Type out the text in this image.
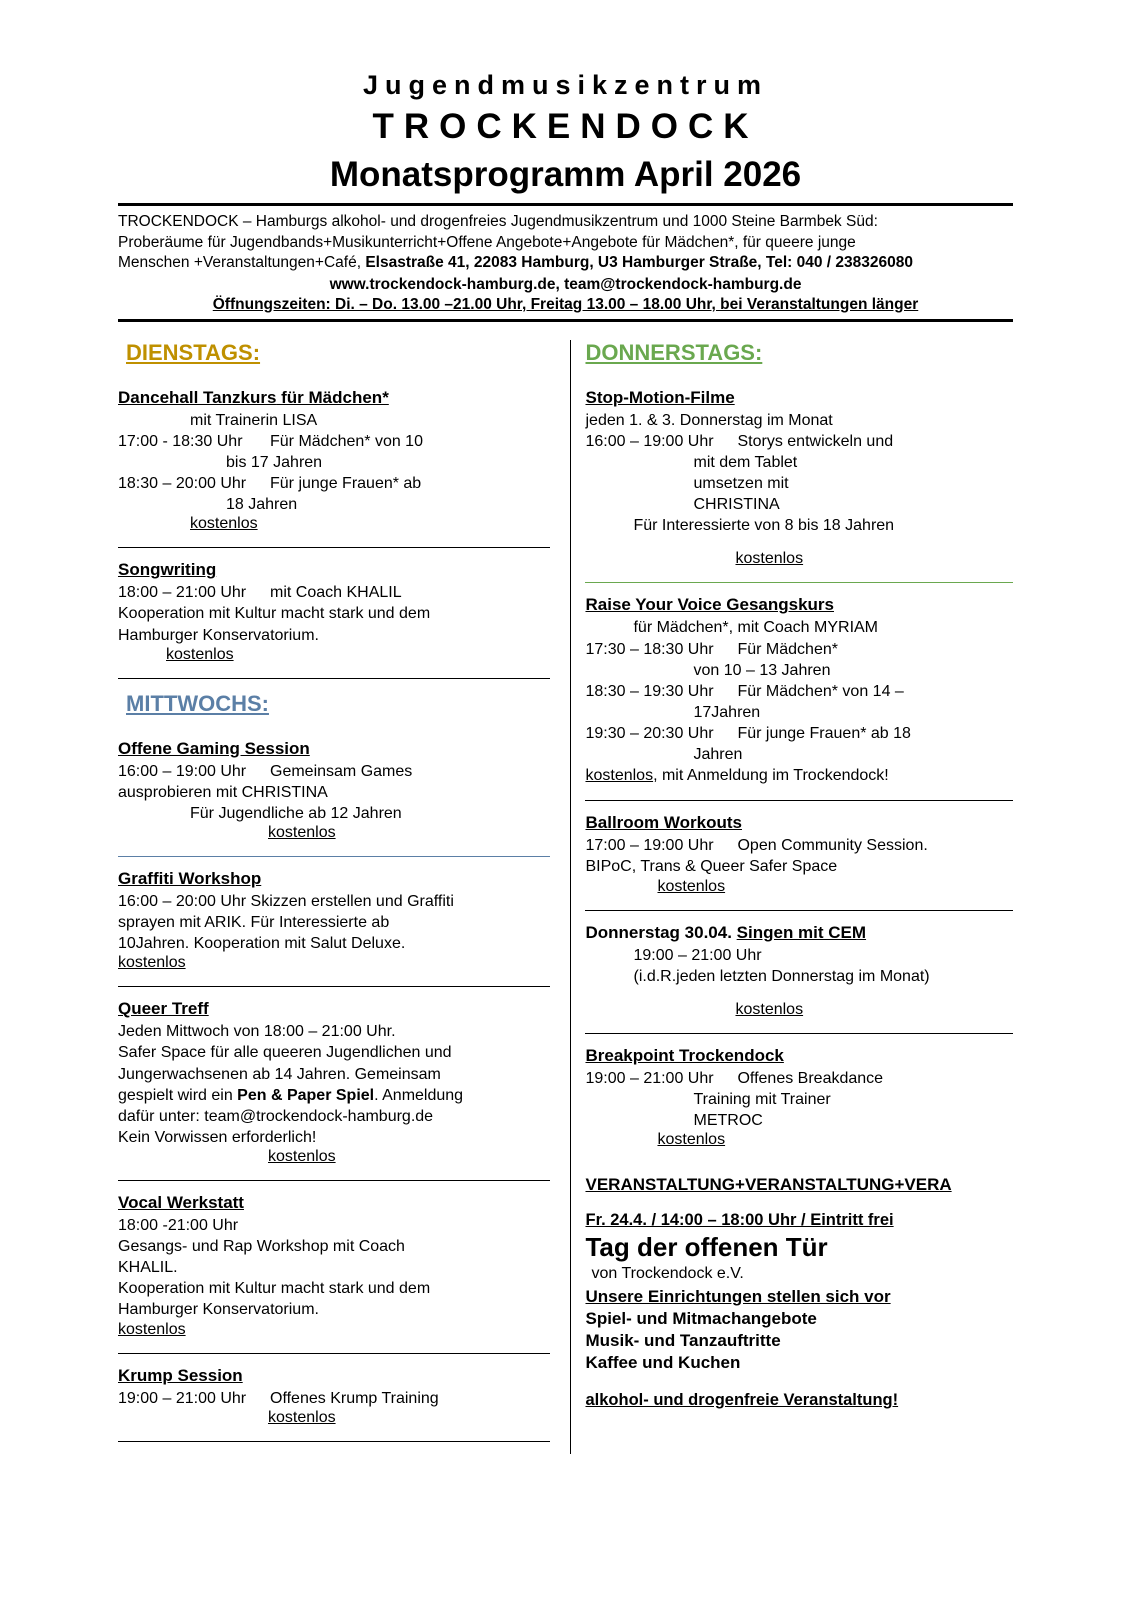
Jugendmusikzentrum
TROCKENDOCK
Monatsprogramm April 2026

TROCKENDOCK – Hamburgs alkohol- und drogenfreies Jugendmusikzentrum und 1000 Steine Barmbek Süd:

Proberäume für Jugendbands+Musikunterricht+Offene Angebote+Angebote für Mädchen*, für queere junge

Menschen +Veranstaltungen+Café, Elsastraße 41, 22083 Hamburg, U3 Hamburger Straße, Tel: 040 / 238326080

www.trockendock-hamburg.de, team@trockendock-hamburg.de
Öffnungszeiten: Di. – Do. 13.00 –21.00 Uhr, Freitag 13.00 – 18.00 Uhr, bei Veranstaltungen länger
DIENSTAGS:
Dancehall Tanzkurs für Mädchen*

mit Trainerin LISA

17:00 - 18:30 Uhr	Für Mädchen* von 10

bis 17 Jahren

18:30 – 20:00 Uhr	Für junge Frauen* ab

18 Jahren

kostenlos

Songwriting
18:00 – 21:00 Uhr	mit Coach KHALIL

Kooperation mit Kultur macht stark und dem

Hamburger Konservatorium.

kostenlos

MITTWOCHS:
Offene Gaming Session
16:00 – 19:00 Uhr	Gemeinsam Games

ausprobieren mit CHRISTINA

Für Jugendliche ab 12 Jahren

kostenlos

Graffiti Workshop

16:00 – 20:00 Uhr Skizzen erstellen und Graffiti

sprayen mit ARIK. Für Interessierte ab

10Jahren. Kooperation mit Salut Deluxe.

kostenlos

Queer Treff

Jeden Mittwoch von 18:00 – 21:00 Uhr.

Safer Space für alle queeren Jugendlichen und

Jungerwachsenen ab 14 Jahren. Gemeinsam

gespielt wird ein Pen & Paper Spiel. Anmeldung

dafür unter: team@trockendock-hamburg.de

Kein Vorwissen erforderlich!

kostenlos

Vocal Werkstatt

18:00 -21:00 Uhr

Gesangs- und Rap Workshop mit Coach

KHALIL.

Kooperation mit Kultur macht stark und dem

Hamburger Konservatorium.

kostenlos

Krump Session
19:00 – 21:00 Uhr	Offenes Krump Training

kostenlos

DONNERSTAGS:
Stop-Motion-Filme

jeden 1. & 3. Donnerstag im Monat

16:00 – 19:00 Uhr	Storys entwickeln und

mit dem Tablet

umsetzen mit

CHRISTINA

Für Interessierte von 8 bis 18 Jahren

kostenlos

Raise Your Voice Gesangskurs

für Mädchen*, mit Coach MYRIAM

17:30 – 18:30 Uhr	Für Mädchen*

von 10 – 13 Jahren

18:30 – 19:30 Uhr	Für Mädchen* von 14 –

17Jahren

19:30 – 20:30 Uhr	Für junge Frauen* ab 18

Jahren

kostenlos, mit Anmeldung im Trockendock!

Ballroom Workouts
17:00 – 19:00 Uhr	Open Community Session.

BIPoC, Trans & Queer Safer Space

kostenlos

Donnerstag 30.04. Singen mit CEM

19:00 – 21:00 Uhr

(i.d.R.jeden letzten Donnerstag im Monat)

kostenlos

Breakpoint Trockendock
19:00 – 21:00 Uhr	Offenes Breakdance

Training mit Trainer

METROC

kostenlos

VERANSTALTUNG+VERANSTALTUNG+VERA
Fr. 24.4. / 14:00 – 18:00 Uhr / Eintritt frei
Tag der offenen Tür
von Trockendock e.V.
Unsere Einrichtungen stellen sich vor
Spiel- und Mitmachangebote
Musik- und Tanzauftritte
Kaffee und Kuchen
alkohol- und drogenfreie Veranstaltung!
